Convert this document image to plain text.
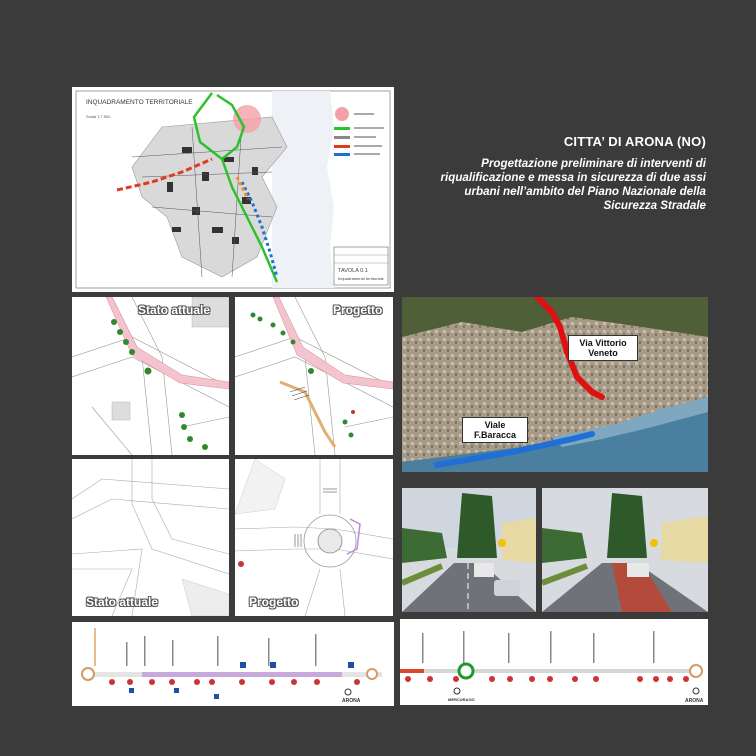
INQUADRAMENTO TERRITORIALE
Scala 1:7.500
TAVOLA 0.1
Inquadramento territoriale
CITTA’ DI ARONA (NO)
Progettazione preliminare di interventi di riqualificazione e messa in sicurezza di due assi urbani nell’ambito del Piano Nazionale della Sicurezza Stradale
Stato attuale	Progetto
Stato attuale	Progetto
Via Vittorio Veneto
Viale F.Baracca
ARONA	MERCURAGO	ARONA
